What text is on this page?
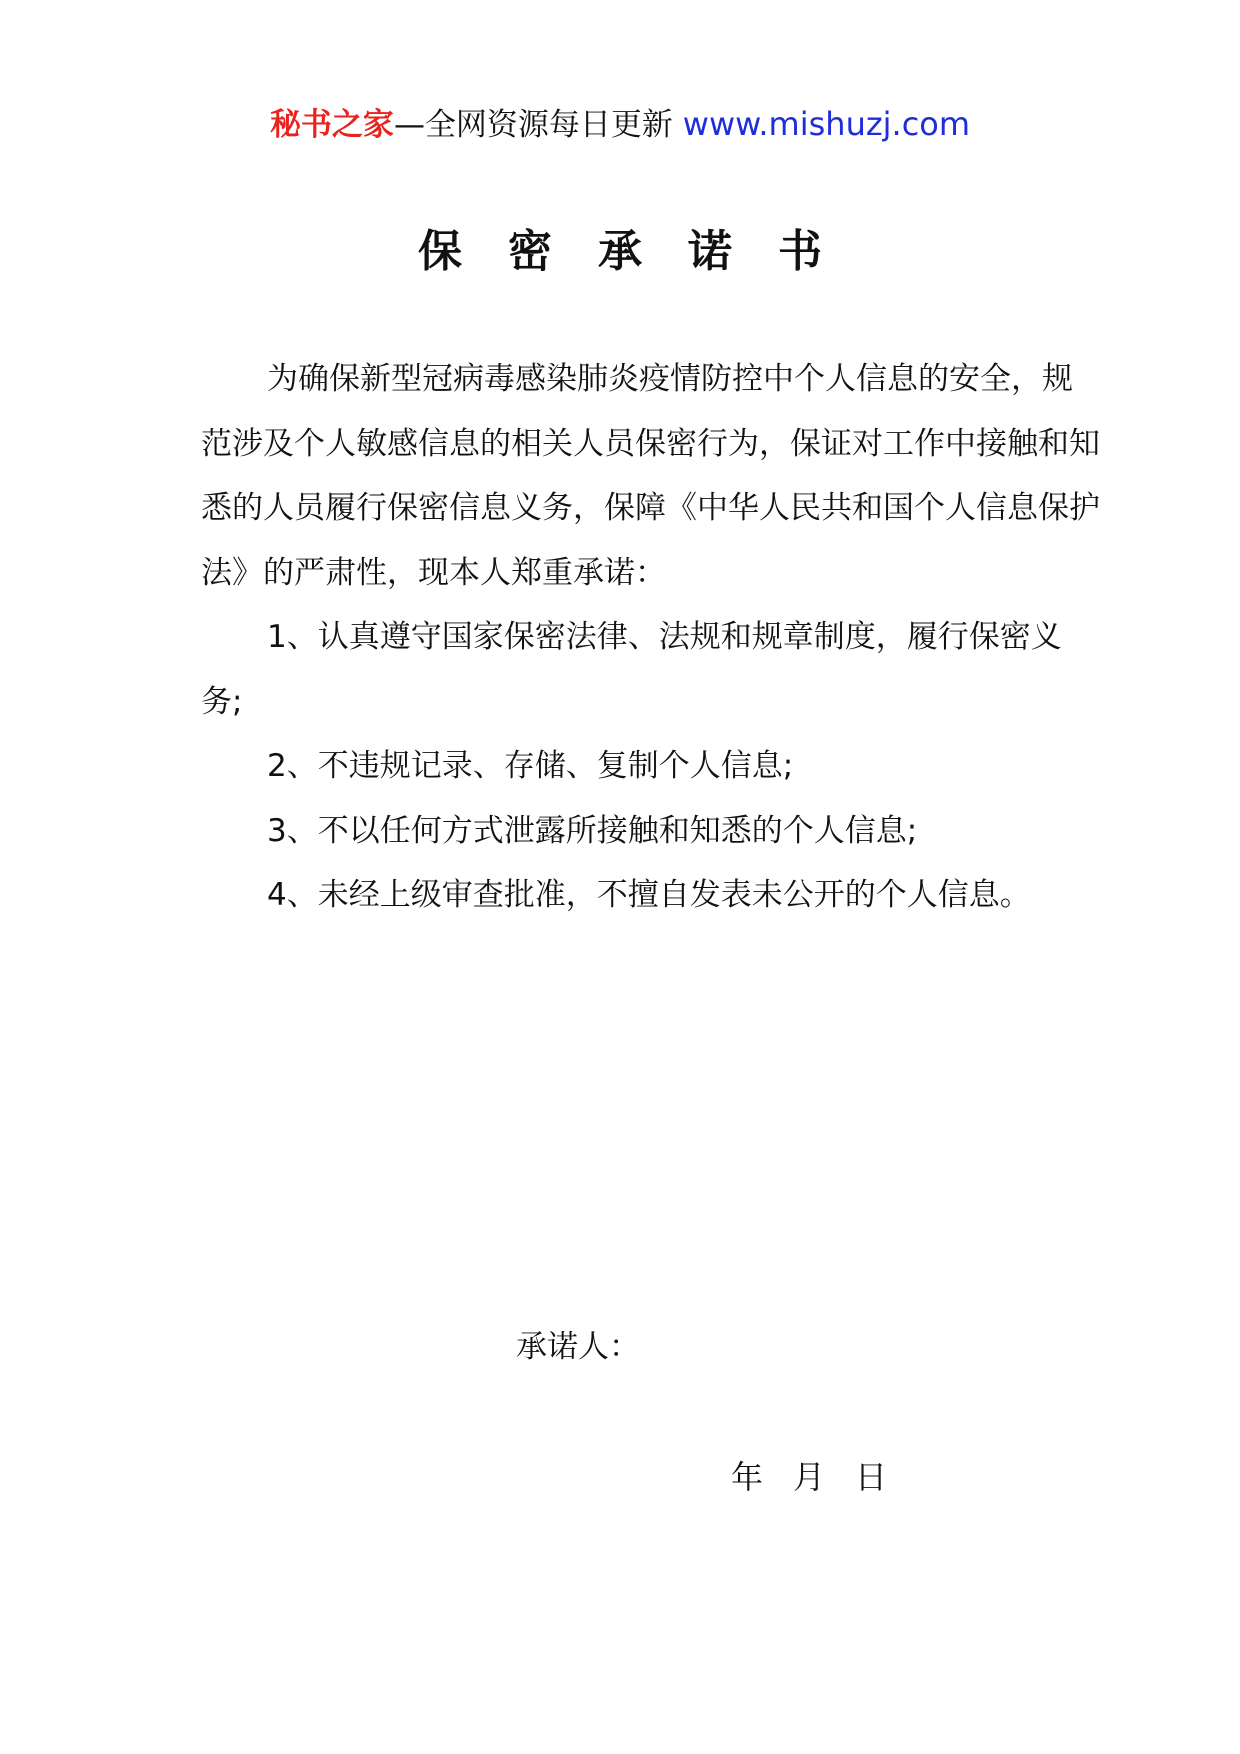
秘书之家—全网资源每日更新 www.mishuzj.com
保密承诺书

为确保新型冠病毒感染肺炎疫情防控中个人信息的安全，规范涉及个人敏感信息的相关人员保密行为，保证对工作中接触和知悉的人员履行保密信息义务，保障《中华人民共和国个人信息保护法》的严肃性，现本人郑重承诺：

1、认真遵守国家保密法律、法规和规章制度，履行保密义务;

2、不违规记录、存储、复制个人信息;

3、不以任何方式泄露所接触和知悉的个人信息;

4、未经上级审查批准，不擅自发表未公开的个人信息。

承诺人：
年 月 日
